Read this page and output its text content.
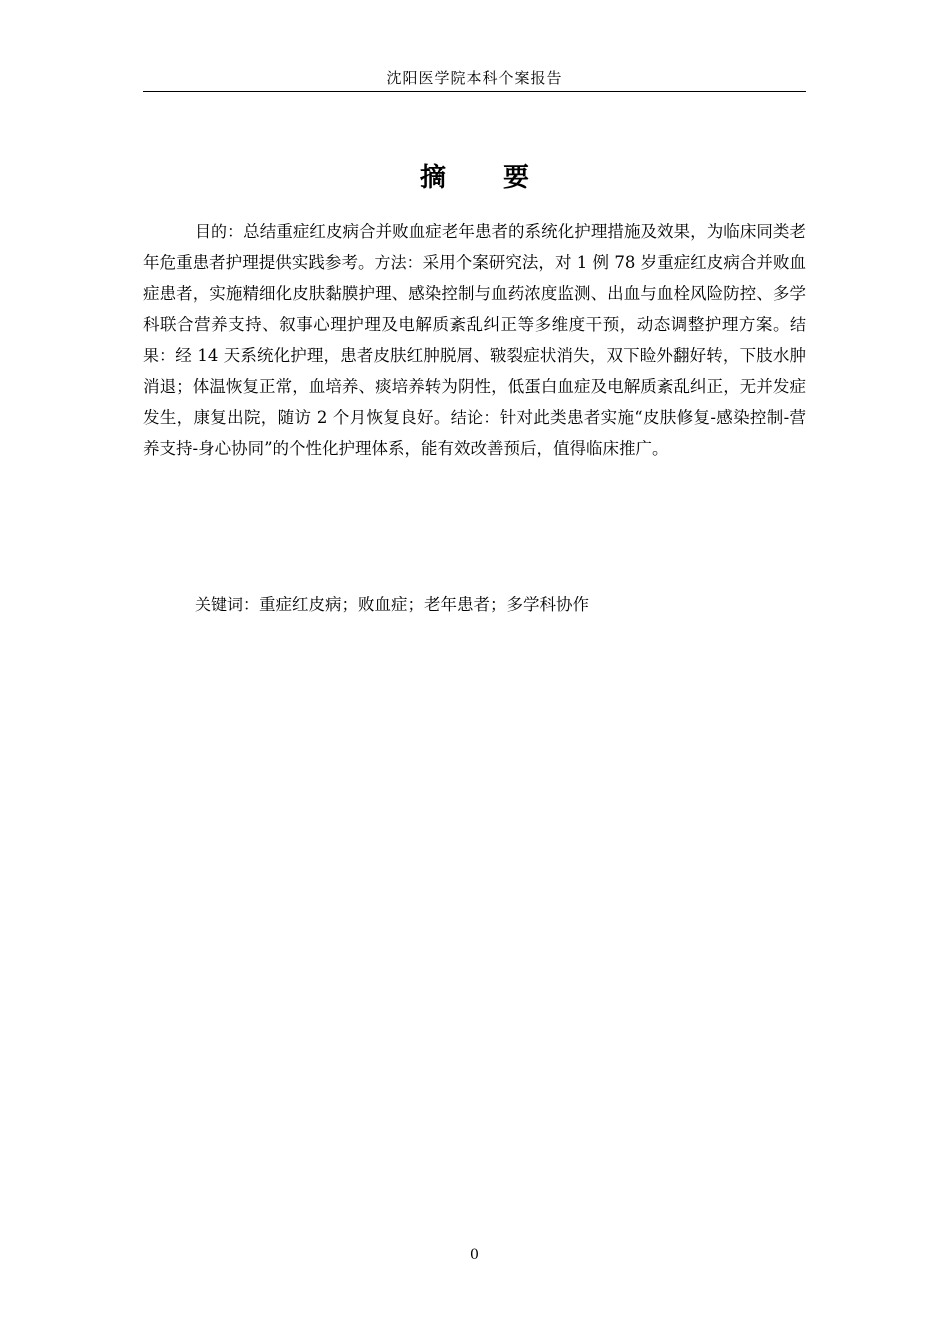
沈阳医学院本科个案报告
摘 要

目的：总结重症红皮病合并败血症老年患者的系统化护理措施及效果，为临床同类老年危重患者护理提供实践参考。方法：采用个案研究法，对 1 例 78 岁重症红皮病合并败血症患者，实施精细化皮肤黏膜护理、感染控制与血药浓度监测、出血与血栓风险防控、多学科联合营养支持、叙事心理护理及电解质紊乱纠正等多维度干预，动态调整护理方案。结果：经 14 天系统化护理，患者皮肤红肿脱屑、皲裂症状消失，双下睑外翻好转，下肢水肿消退；体温恢复正常，血培养、痰培养转为阴性，低蛋白血症及电解质紊乱纠正，无并发症发生，康复出院，随访 2 个月恢复良好。结论：针对此类患者实施“皮肤修复-感染控制-营养支持-身心协同”的个性化护理体系，能有效改善预后，值得临床推广。

关键词：重症红皮病；败血症；老年患者；多学科协作

0
